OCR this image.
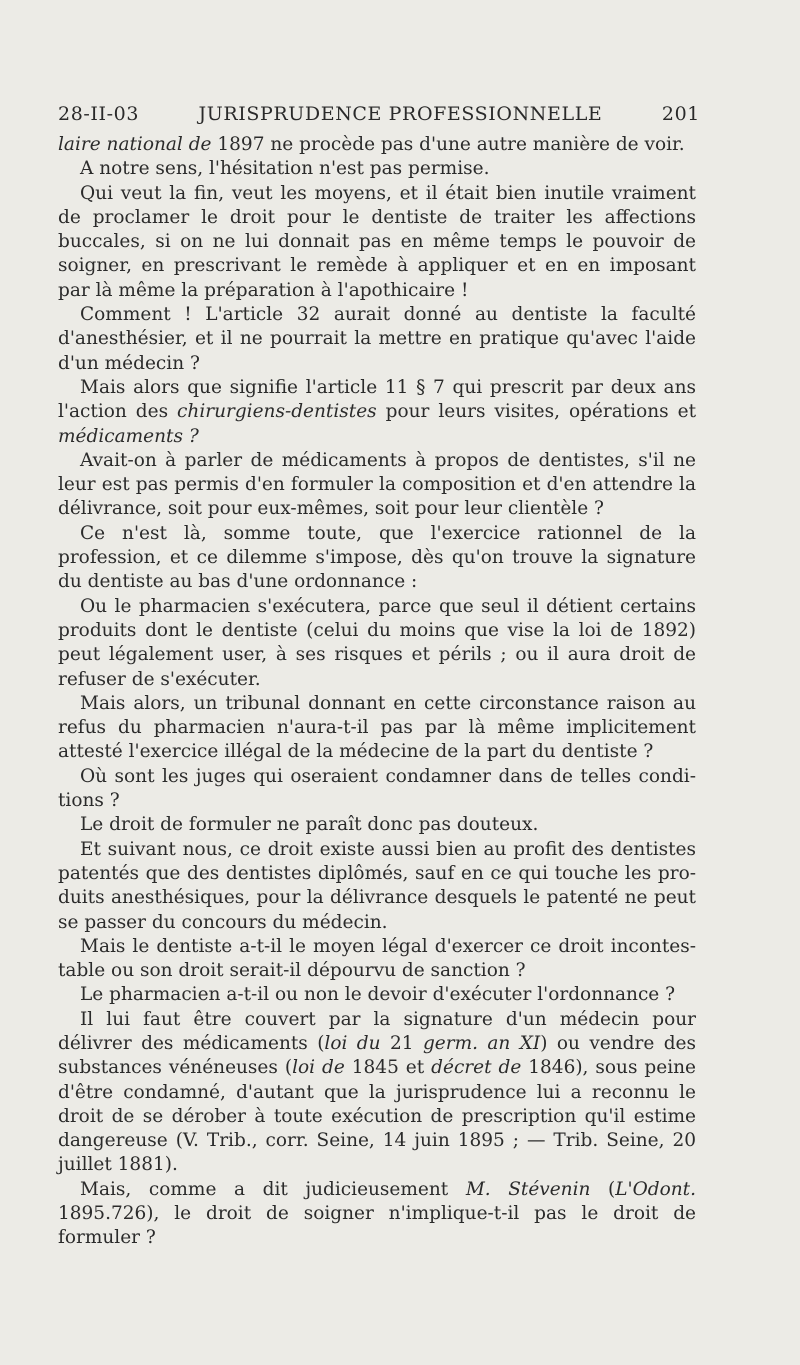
28-II-03	JURISPRUDENCE PROFESSIONNELLE	201

laire national de 1897 ne procède pas d'une autre manière de voir.

A notre sens, l'hésitation n'est pas permise.

Qui veut la fin, veut les moyens, et il était bien inutile vraiment de proclamer le droit pour le dentiste de traiter les affections buccales, si on ne lui donnait pas en même temps le pouvoir de soigner, en prescrivant le remède à appliquer et en en imposant par là même la préparation à l'apothicaire !

Comment ! L'article 32 aurait donné au dentiste la faculté d'anesthésier, et il ne pourrait la mettre en pratique qu'avec l'aide d'un médecin ?

Mais alors que signifie l'article 11 § 7 qui prescrit par deux ans l'action des chirurgiens-dentistes pour leurs visites, opérations et médicaments ?

Avait-on à parler de médicaments à propos de dentistes, s'il ne leur est pas permis d'en formuler la composition et d'en attendre la délivrance, soit pour eux-mêmes, soit pour leur clientèle ?

Ce n'est là, somme toute, que l'exercice rationnel de la profession, et ce dilemme s'impose, dès qu'on trouve la signature du dentiste au bas d'une ordonnance :

Ou le pharmacien s'exécutera, parce que seul il détient certains produits dont le dentiste (celui du moins que vise la loi de 1892) peut légalement user, à ses risques et périls ; ou il aura droit de refuser de s'exécuter.

Mais alors, un tribunal donnant en cette circonstance raison au refus du pharmacien n'aura-t-il pas par là même implicitement attesté l'exercice illégal de la médecine de la part du dentiste ?

Où sont les juges qui oseraient condamner dans de telles conditions ?

Le droit de formuler ne paraît donc pas douteux.

Et suivant nous, ce droit existe aussi bien au profit des dentistes patentés que des dentistes diplômés, sauf en ce qui touche les produits anesthésiques, pour la délivrance desquels le patenté ne peut se passer du concours du médecin.

Mais le dentiste a-t-il le moyen légal d'exercer ce droit incontestable ou son droit serait-il dépourvu de sanction ?

Le pharmacien a-t-il ou non le devoir d'exécuter l'ordonnance ?

Il lui faut être couvert par la signature d'un médecin pour délivrer des médicaments (loi du 21 germ. an XI) ou vendre des substances vénéneuses (loi de 1845 et décret de 1846), sous peine d'être condamné, d'autant que la jurisprudence lui a reconnu le droit de se dérober à toute exécution de prescription qu'il estime dangereuse (V. Trib., corr. Seine, 14 juin 1895 ; — Trib. Seine, 20 juillet 1881).

Mais, comme a dit judicieusement M. Stévenin (L'Odont. 1895.726), le droit de soigner n'implique-t-il pas le droit de formuler ?
